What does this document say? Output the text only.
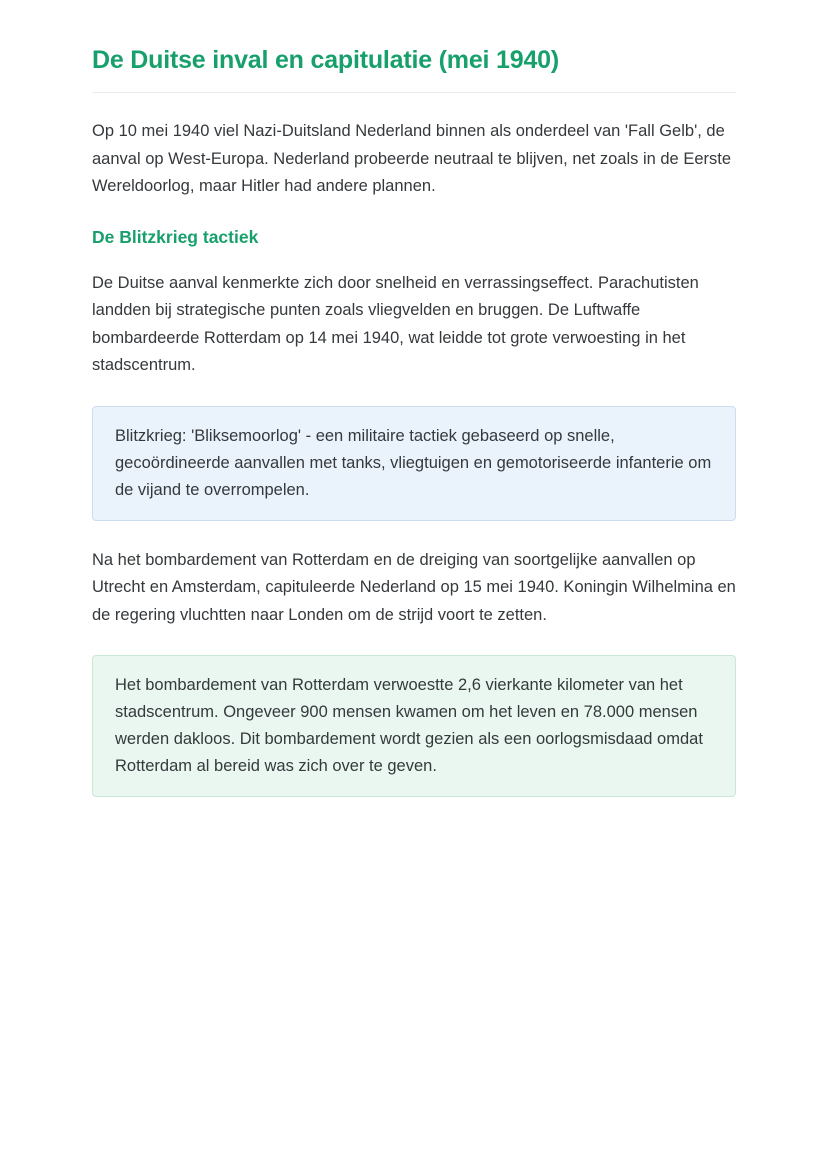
De Duitse inval en capitulatie (mei 1940)

Op 10 mei 1940 viel Nazi-Duitsland Nederland binnen als onderdeel van 'Fall Gelb', de aanval op West-Europa. Nederland probeerde neutraal te blijven, net zoals in de Eerste Wereldoorlog, maar Hitler had andere plannen.

De Blitzkrieg tactiek

De Duitse aanval kenmerkte zich door snelheid en verrassingseffect. Parachutisten landden bij strategische punten zoals vliegvelden en bruggen. De Luftwaffe bombardeerde Rotterdam op 14 mei 1940, wat leidde tot grote verwoesting in het stadscentrum.

Blitzkrieg: 'Bliksemoorlog' - een militaire tactiek gebaseerd op snelle, gecoördineerde aanvallen met tanks, vliegtuigen en gemotoriseerde infanterie om de vijand te overrompelen.

Na het bombardement van Rotterdam en de dreiging van soortgelijke aanvallen op Utrecht en Amsterdam, capituleerde Nederland op 15 mei 1940. Koningin Wilhelmina en de regering vluchtten naar Londen om de strijd voort te zetten.

Het bombardement van Rotterdam verwoestte 2,6 vierkante kilometer van het stadscentrum. Ongeveer 900 mensen kwamen om het leven en 78.000 mensen werden dakloos. Dit bombardement wordt gezien als een oorlogsmisdaad omdat Rotterdam al bereid was zich over te geven.
